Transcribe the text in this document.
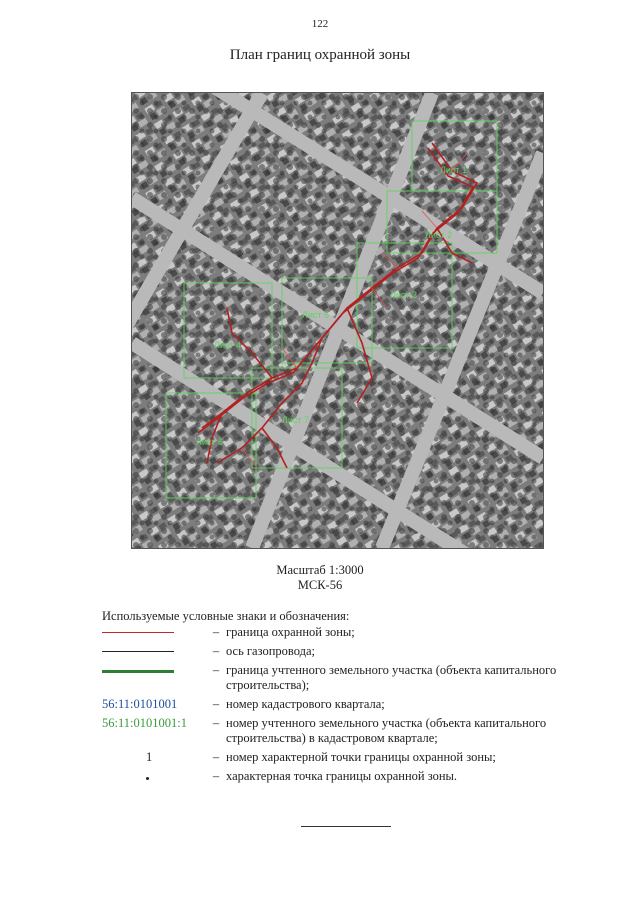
122
План границ охранной зоны
Лист 1
Лист 2
Лист 3
Лист 5
Лист 4
Лист 7
Лист 6
Масштаб 1:3000
МСК-56
Используемые условные знаки и обозначения:
– граница охранной зоны;
– ось газопровода;
– граница учтенного земельного участка (объекта капитального строительства);
56:11:0101001	– номер кадастрового квартала;
56:11:0101001:1	– номер учтенного земельного участка (объекта капитального строительства) в кадастровом квартале;
1	– номер характерной точки границы охранной зоны;
– характерная точка границы охранной зоны.
